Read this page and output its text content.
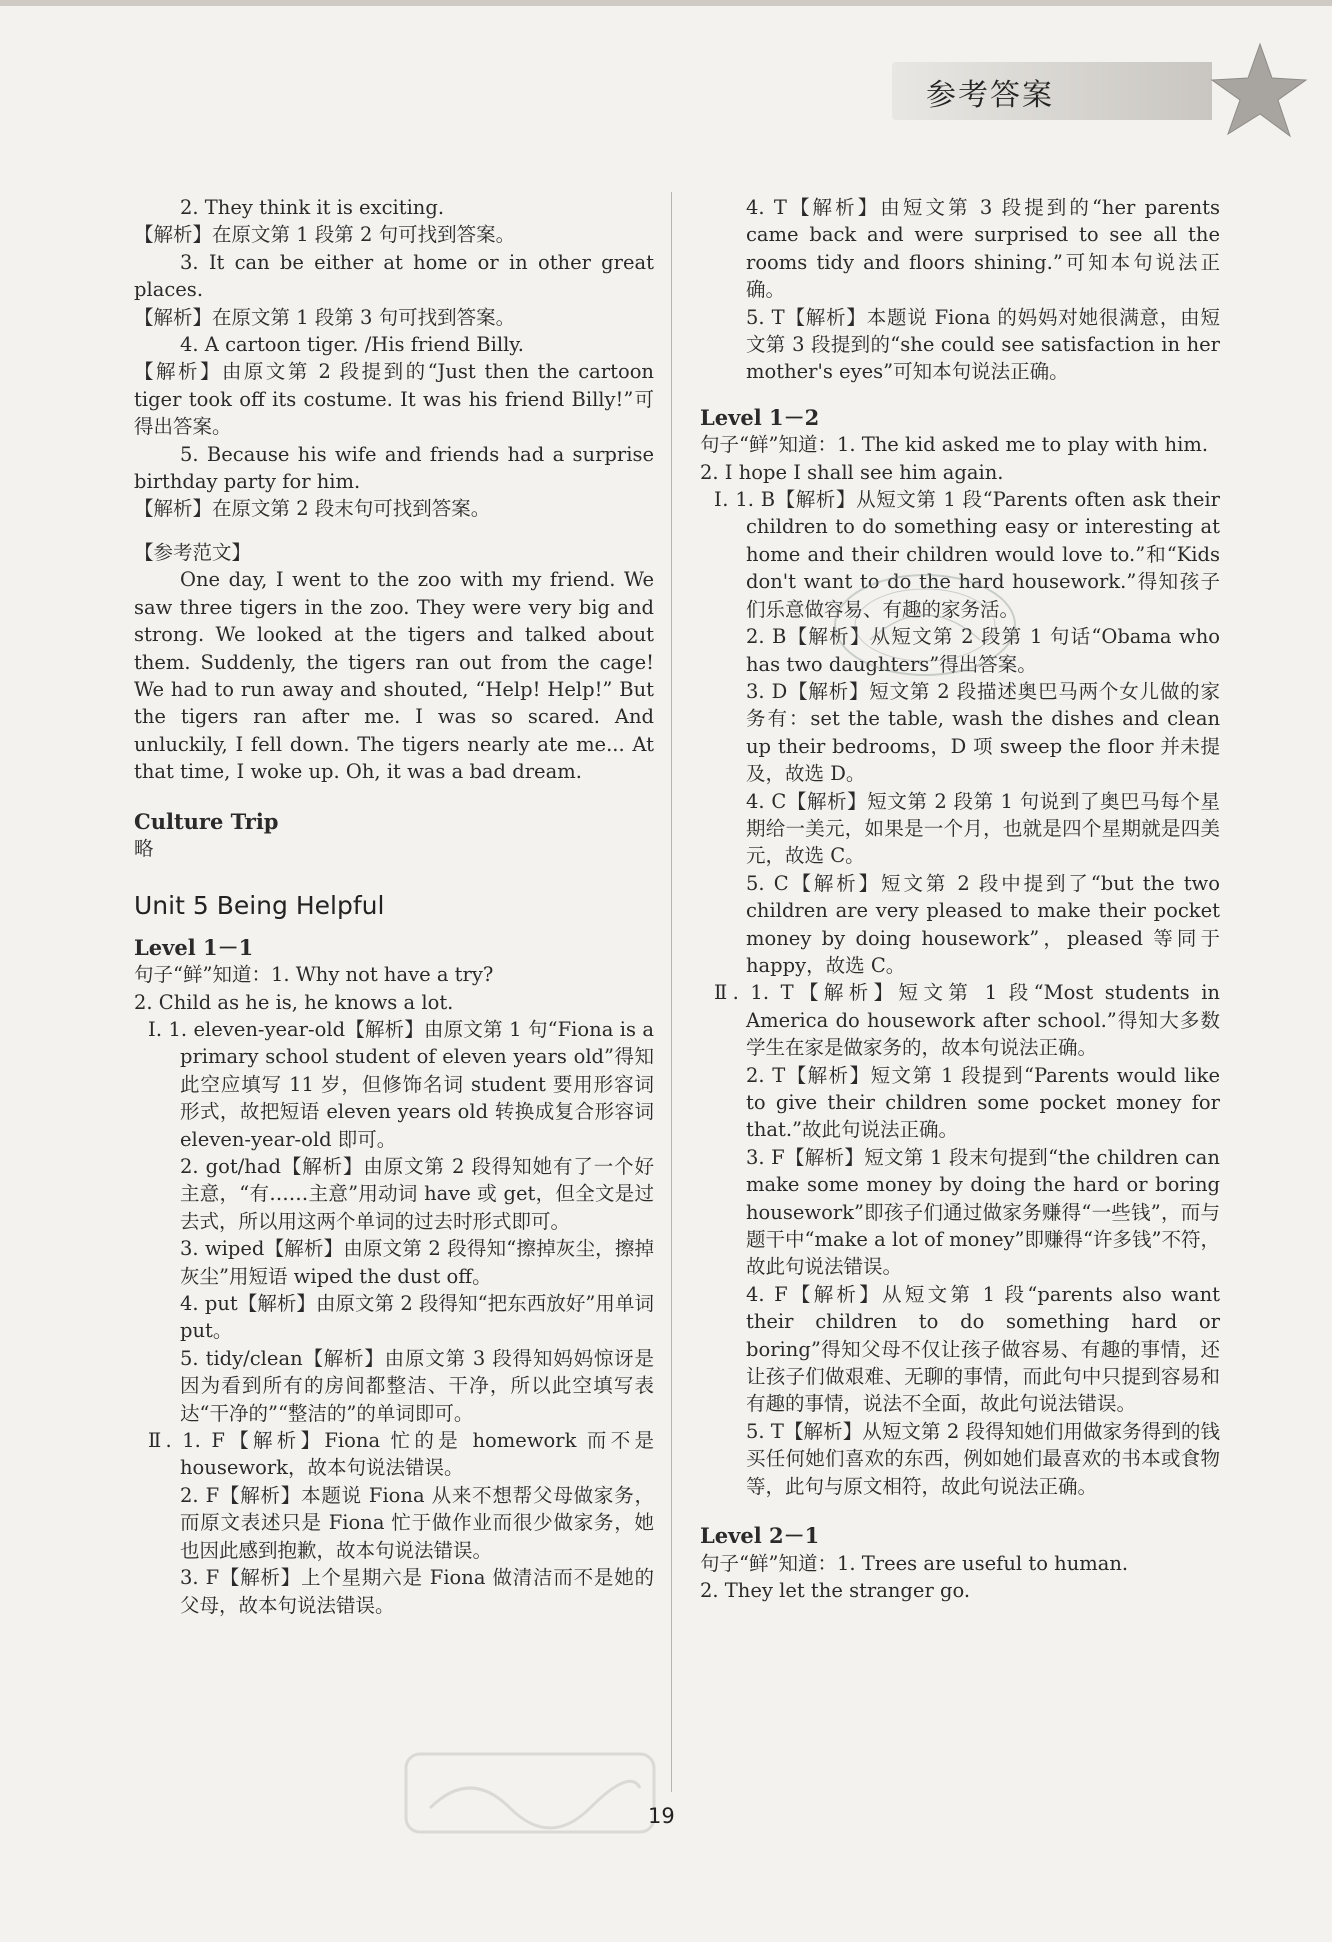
参考答案

2. They think it is exciting.

【解析】在原文第 1 段第 2 句可找到答案。

3. It can be either at home or in other great places.

【解析】在原文第 1 段第 3 句可找到答案。

4. A cartoon tiger. /His friend Billy.

【解析】由原文第 2 段提到的“Just then the cartoon tiger took off its costume. It was his friend Billy!”可得出答案。

5. Because his wife and friends had a surprise birthday party for him.

【解析】在原文第 2 段末句可找到答案。

【参考范文】

One day, I went to the zoo with my friend. We saw three tigers in the zoo. They were very big and strong. We looked at the tigers and talked about them. Suddenly, the tigers ran out from the cage! We had to run away and shouted, “Help! Help!” But the tigers ran after me. I was so scared. And unluckily, I fell down. The tigers nearly ate me... At that time, I woke up. Oh, it was a bad dream.

Culture Trip

略

Unit 5 Being Helpful

Level 1－1

句子“鲜”知道：1. Why not have a try?

2. Child as he is, he knows a lot.

Ⅰ. 1. eleven-year-old【解析】由原文第 1 句“Fiona is a primary school student of eleven years old”得知此空应填写 11 岁，但修饰名词 student 要用形容词形式，故把短语 eleven years old 转换成复合形容词 eleven-year-old 即可。

2. got/had【解析】由原文第 2 段得知她有了一个好主意，“有……主意”用动词 have 或 get，但全文是过去式，所以用这两个单词的过去时形式即可。

3. wiped【解析】由原文第 2 段得知“擦掉灰尘，擦掉灰尘”用短语 wiped the dust off。

4. put【解析】由原文第 2 段得知“把东西放好”用单词 put。

5. tidy/clean【解析】由原文第 3 段得知妈妈惊讶是因为看到所有的房间都整洁、干净，所以此空填写表达“干净的”“整洁的”的单词即可。

Ⅱ. 1. F【解析】Fiona 忙的是 homework 而不是 housework，故本句说法错误。

2. F【解析】本题说 Fiona 从来不想帮父母做家务，而原文表述只是 Fiona 忙于做作业而很少做家务，她也因此感到抱歉，故本句说法错误。

3. F【解析】上个星期六是 Fiona 做清洁而不是她的父母，故本句说法错误。

4. T【解析】由短文第 3 段提到的“her parents came back and were surprised to see all the rooms tidy and floors shining.”可知本句说法正确。

5. T【解析】本题说 Fiona 的妈妈对她很满意，由短文第 3 段提到的“she could see satisfaction in her mother's eyes”可知本句说法正确。

Level 1－2

句子“鲜”知道：1. The kid asked me to play with him.

2. I hope I shall see him again.

Ⅰ. 1. B【解析】从短文第 1 段“Parents often ask their children to do something easy or interesting at home and their children would love to.”和“Kids don't want to do the hard housework.”得知孩子们乐意做容易、有趣的家务活。

2. B【解析】从短文第 2 段第 1 句话“Obama who has two daughters”得出答案。

3. D【解析】短文第 2 段描述奥巴马两个女儿做的家务有：set the table, wash the dishes and clean up their bedrooms，D 项 sweep the floor 并未提及，故选 D。

4. C【解析】短文第 2 段第 1 句说到了奥巴马每个星期给一美元，如果是一个月，也就是四个星期就是四美元，故选 C。

5. C【解析】短文第 2 段中提到了“but the two children are very pleased to make their pocket money by doing housework”，pleased 等同于 happy，故选 C。

Ⅱ. 1. T【解析】短文第 1 段“Most students in America do housework after school.”得知大多数学生在家是做家务的，故本句说法正确。

2. T【解析】短文第 1 段提到“Parents would like to give their children some pocket money for that.”故此句说法正确。

3. F【解析】短文第 1 段末句提到“the children can make some money by doing the hard or boring housework”即孩子们通过做家务赚得“一些钱”，而与题干中“make a lot of money”即赚得“许多钱”不符，故此句说法错误。

4. F【解析】从短文第 1 段“parents also want their children to do something hard or boring”得知父母不仅让孩子做容易、有趣的事情，还让孩子们做艰难、无聊的事情，而此句中只提到容易和有趣的事情，说法不全面，故此句说法错误。

5. T【解析】从短文第 2 段得知她们用做家务得到的钱买任何她们喜欢的东西，例如她们最喜欢的书本或食物等，此句与原文相符，故此句说法正确。

Level 2－1

句子“鲜”知道：1. Trees are useful to human.

2. They let the stranger go.

19
